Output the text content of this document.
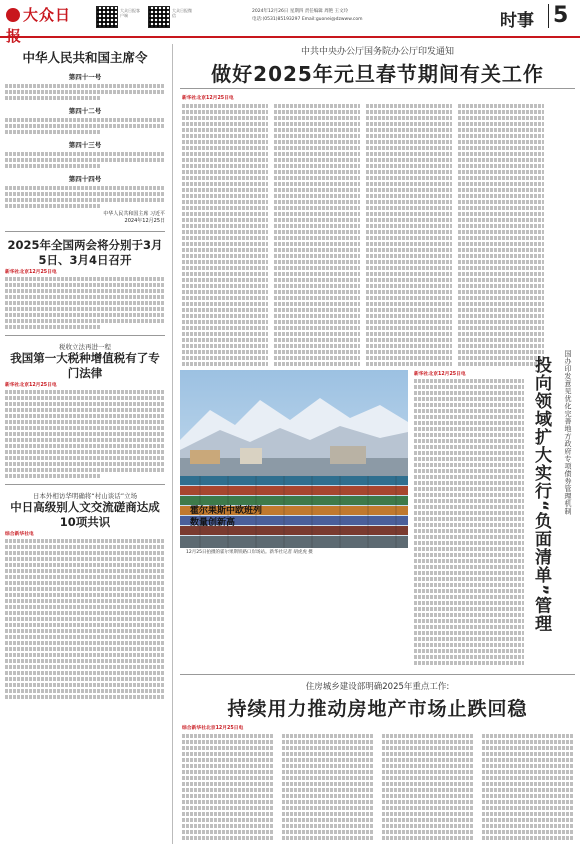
大众日报
大众日报客户端
大众日报微信
2024年12月26日 星期四 责任编辑 周艳 王文玲
电话:(0531)85193297 Email:guonei@dzwww.com	时事 5
中华人民共和国主席令
第四十一号
第四十二号
第四十三号
第四十四号
中华人民共和国主席 习近平
2024年12月25日
2025年全国两会将分别于3月5日、3月4日召开
新华社北京12月25日电
税收立法再进一程
我国第一大税种增值税有了专门法律
新华社北京12月25日电
日本外相访华明确将“村山谈话”立场
中日高级别人文交流磋商达成10项共识
综合新华社电
中共中央办公厅国务院办公厅印发通知
做好2025年元旦春节期间有关工作
新华社北京12月25日电
霍尔果斯中欧班列数量创新高
12月25日拍摄的霍尔果斯铁路口岸场站。新华社记者 胡虎虎 摄
新华社北京12月25日电	投向领域扩大实行“负面清单”管理	国办印发意见优化完善地方政府专项债券管理机制
住房城乡建设部明确2025年重点工作:
持续用力推动房地产市场止跌回稳
综合新华社北京12月25日电
